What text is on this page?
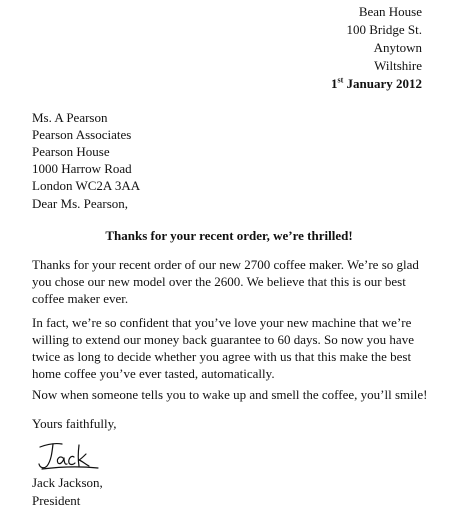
Bean House
100 Bridge St.
Anytown
Wiltshire
1st January 2012
Ms. A Pearson
Pearson Associates
Pearson House
1000 Harrow Road
London WC2A 3AA
Dear Ms. Pearson,
Thanks for your recent order, we’re thrilled!
Thanks for your recent order of our new 2700 coffee maker. We’re so glad
you chose our new model over the 2600. We believe that this is our best
coffee maker ever.
In fact, we’re so confident that you’ve love your new machine that we’re
willing to extend our money back guarantee to 60 days. So now you have
twice as long to decide whether you agree with us that this make the best
home coffee you’ve ever tasted, automatically.
Now when someone tells you to wake up and smell the coffee, you’ll smile!
Yours faithfully,
Jack Jackson,
President
